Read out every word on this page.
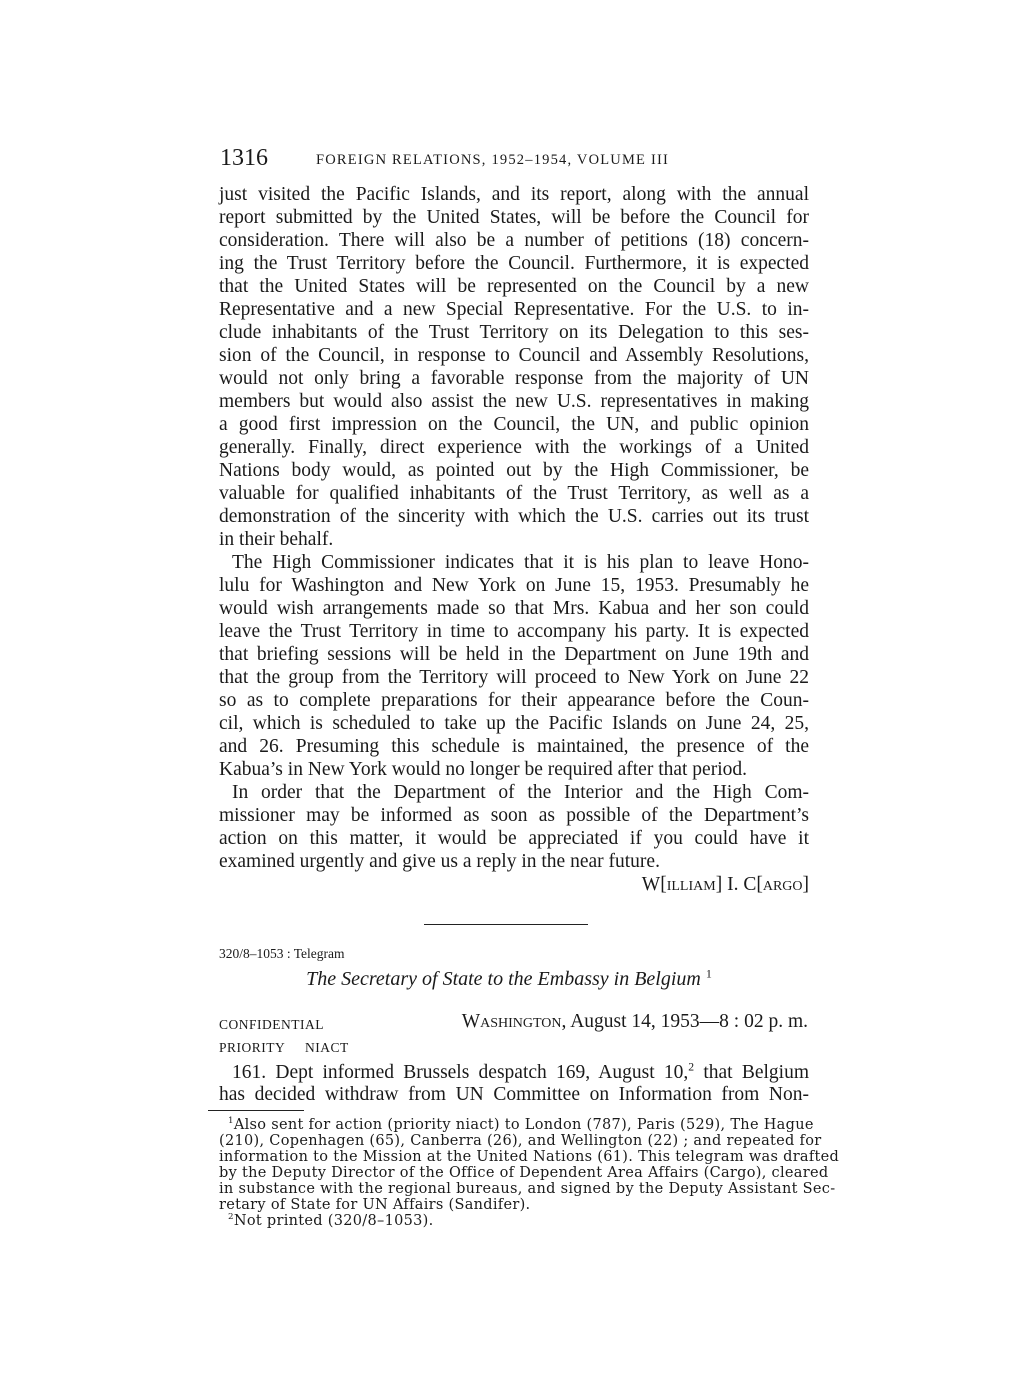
1316	FOREIGN RELATIONS, 1952–1954, VOLUME III
just visited the Pacific Islands, and its report, along with the annual
report submitted by the United States, will be before the Council for
consideration. There will also be a number of petitions (18) concern-
ing the Trust Territory before the Council. Furthermore, it is expected
that the United States will be represented on the Council by a new
Representative and a new Special Representative. For the U.S. to in-
clude inhabitants of the Trust Territory on its Delegation to this ses-
sion of the Council, in response to Council and Assembly Resolutions,
would not only bring a favorable response from the majority of UN
members but would also assist the new U.S. representatives in making
a good first impression on the Council, the UN, and public opinion
generally. Finally, direct experience with the workings of a United
Nations body would, as pointed out by the High Commissioner, be
valuable for qualified inhabitants of the Trust Territory, as well as a
demonstration of the sincerity with which the U.S. carries out its trust
in their behalf.
The High Commissioner indicates that it is his plan to leave Hono-
lulu for Washington and New York on June 15, 1953. Presumably he
would wish arrangements made so that Mrs. Kabua and her son could
leave the Trust Territory in time to accompany his party. It is expected
that briefing sessions will be held in the Department on June 19th and
that the group from the Territory will proceed to New York on June 22
so as to complete preparations for their appearance before the Coun-
cil, which is scheduled to take up the Pacific Islands on June 24, 25,
and 26. Presuming this schedule is maintained, the presence of the
Kabua’s in New York would no longer be required after that period.
In order that the Department of the Interior and the High Com-
missioner may be informed as soon as possible of the Department’s
action on this matter, it would be appreciated if you could have it
examined urgently and give us a reply in the near future.
W[illiam] I. C[argo]
320/8–1053 : Telegram
The Secretary of State to the Embassy in Belgium $^1$
CONFIDENTIAL	Washington, August 14, 1953—8 : 02 p. m.
PRIORITY NIACT
161. Dept informed Brussels despatch 169, August 10,$^2$ that Belgium
has decided withdraw from UN Committee on Information from Non-
$^1$Also sent for action (priority niact) to London (787), Paris (529), The Hague
(210), Copenhagen (65), Canberra (26), and Wellington (22) ; and repeated for
information to the Mission at the United Nations (61). This telegram was drafted
by the Deputy Director of the Office of Dependent Area Affairs (Cargo), cleared
in substance with the regional bureaus, and signed by the Deputy Assistant Sec-
retary of State for UN Affairs (Sandifer).
$^2$Not printed (320/8–1053).
